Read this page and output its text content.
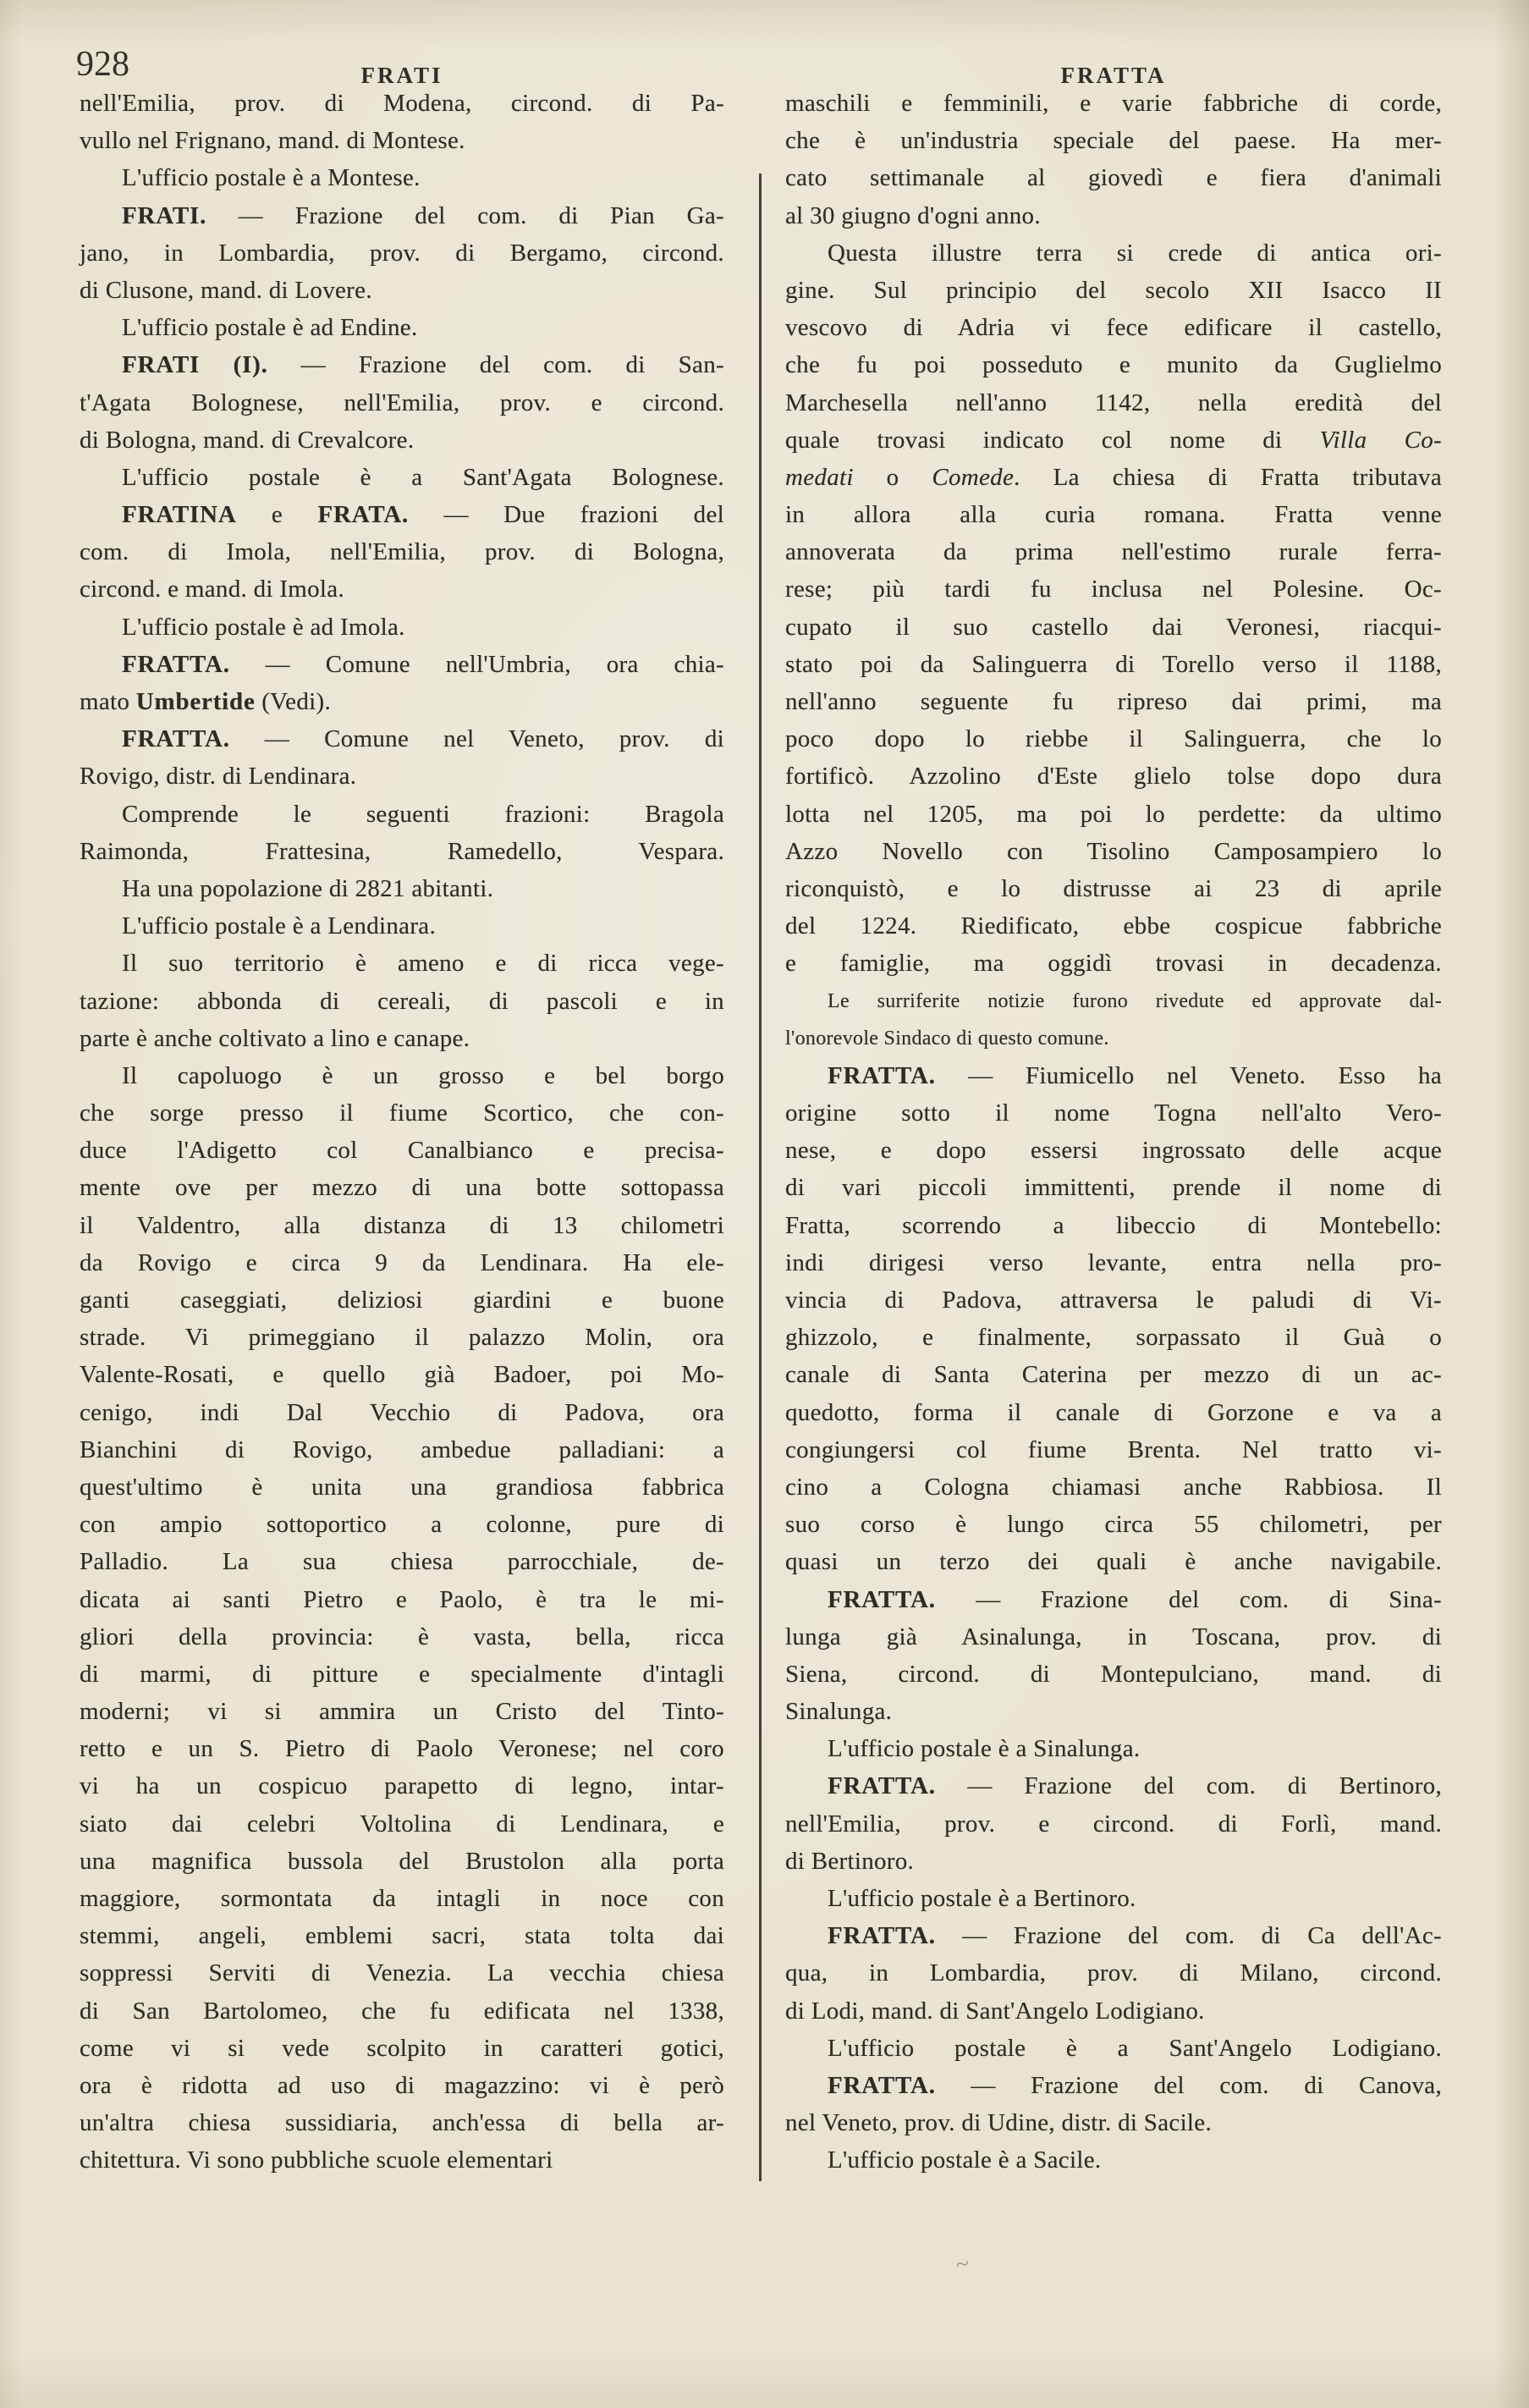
928	FRATI	FRATTA
nell'Emilia, prov. di Modena, circond. di Pa-
vullo nel Frignano, mand. di Montese.
L'ufficio postale è a Montese.
FRATI. — Frazione del com. di Pian Ga-
jano, in Lombardia, prov. di Bergamo, circond.
di Clusone, mand. di Lovere.
L'ufficio postale è ad Endine.
FRATI (I). — Frazione del com. di San-
t'Agata Bolognese, nell'Emilia, prov. e circond.
di Bologna, mand. di Crevalcore.
L'ufficio postale è a Sant'Agata Bolognese.
FRATINA e FRATA. — Due frazioni del
com. di Imola, nell'Emilia, prov. di Bologna,
circond. e mand. di Imola.
L'ufficio postale è ad Imola.
FRATTA. — Comune nell'Umbria, ora chia-
mato Umbertide (Vedi).
FRATTA. — Comune nel Veneto, prov. di
Rovigo, distr. di Lendinara.
Comprende le seguenti frazioni: Bragola
Raimonda, Frattesina, Ramedello, Vespara.
Ha una popolazione di 2821 abitanti.
L'ufficio postale è a Lendinara.
Il suo territorio è ameno e di ricca vege-
tazione: abbonda di cereali, di pascoli e in
parte è anche coltivato a lino e canape.
Il capoluogo è un grosso e bel borgo
che sorge presso il fiume Scortico, che con-
duce l'Adigetto col Canalbianco e precisa-
mente ove per mezzo di una botte sottopassa
il Valdentro, alla distanza di 13 chilometri
da Rovigo e circa 9 da Lendinara. Ha ele-
ganti caseggiati, deliziosi giardini e buone
strade. Vi primeggiano il palazzo Molin, ora
Valente-Rosati, e quello già Badoer, poi Mo-
cenigo, indi Dal Vecchio di Padova, ora
Bianchini di Rovigo, ambedue palladiani: a
quest'ultimo è unita una grandiosa fabbrica
con ampio sottoportico a colonne, pure di
Palladio. La sua chiesa parrocchiale, de-
dicata ai santi Pietro e Paolo, è tra le mi-
gliori della provincia: è vasta, bella, ricca
di marmi, di pitture e specialmente d'intagli
moderni; vi si ammira un Cristo del Tinto-
retto e un S. Pietro di Paolo Veronese; nel coro
vi ha un cospicuo parapetto di legno, intar-
siato dai celebri Voltolina di Lendinara, e
una magnifica bussola del Brustolon alla porta
maggiore, sormontata da intagli in noce con
stemmi, angeli, emblemi sacri, stata tolta dai
soppressi Serviti di Venezia. La vecchia chiesa
di San Bartolomeo, che fu edificata nel 1338,
come vi si vede scolpito in caratteri gotici,
ora è ridotta ad uso di magazzino: vi è però
un'altra chiesa sussidiaria, anch'essa di bella ar-
chitettura. Vi sono pubbliche scuole elementari
maschili e femminili, e varie fabbriche di corde,
che è un'industria speciale del paese. Ha mer-
cato settimanale al giovedì e fiera d'animali
al 30 giugno d'ogni anno.
Questa illustre terra si crede di antica ori-
gine. Sul principio del secolo XII Isacco II
vescovo di Adria vi fece edificare il castello,
che fu poi posseduto e munito da Guglielmo
Marchesella nell'anno 1142, nella eredità del
quale trovasi indicato col nome di Villa Co-
medati o Comede. La chiesa di Fratta tributava
in allora alla curia romana. Fratta venne
annoverata da prima nell'estimo rurale ferra-
rese; più tardi fu inclusa nel Polesine. Oc-
cupato il suo castello dai Veronesi, riacqui-
stato poi da Salinguerra di Torello verso il 1188,
nell'anno seguente fu ripreso dai primi, ma
poco dopo lo riebbe il Salinguerra, che lo
fortificò. Azzolino d'Este glielo tolse dopo dura
lotta nel 1205, ma poi lo perdette: da ultimo
Azzo Novello con Tisolino Camposampiero lo
riconquistò, e lo distrusse ai 23 di aprile
del 1224. Riedificato, ebbe cospicue fabbriche
e famiglie, ma oggidì trovasi in decadenza.
Le surriferite notizie furono rivedute ed approvate dal-
l'onorevole Sindaco di questo comune.
FRATTA. — Fiumicello nel Veneto. Esso ha
origine sotto il nome Togna nell'alto Vero-
nese, e dopo essersi ingrossato delle acque
di vari piccoli immittenti, prende il nome di
Fratta, scorrendo a libeccio di Montebello:
indi dirigesi verso levante, entra nella pro-
vincia di Padova, attraversa le paludi di Vi-
ghizzolo, e finalmente, sorpassato il Guà o
canale di Santa Caterina per mezzo di un ac-
quedotto, forma il canale di Gorzone e va a
congiungersi col fiume Brenta. Nel tratto vi-
cino a Cologna chiamasi anche Rabbiosa. Il
suo corso è lungo circa 55 chilometri, per
quasi un terzo dei quali è anche navigabile.
FRATTA. — Frazione del com. di Sina-
lunga già Asinalunga, in Toscana, prov. di
Siena, circond. di Montepulciano, mand. di
Sinalunga.
L'ufficio postale è a Sinalunga.
FRATTA. — Frazione del com. di Bertinoro,
nell'Emilia, prov. e circond. di Forlì, mand.
di Bertinoro.
L'ufficio postale è a Bertinoro.
FRATTA. — Frazione del com. di Ca dell'Ac-
qua, in Lombardia, prov. di Milano, circond.
di Lodi, mand. di Sant'Angelo Lodigiano.
L'ufficio postale è a Sant'Angelo Lodigiano.
FRATTA. — Frazione del com. di Canova,
nel Veneto, prov. di Udine, distr. di Sacile.
L'ufficio postale è a Sacile.
~
